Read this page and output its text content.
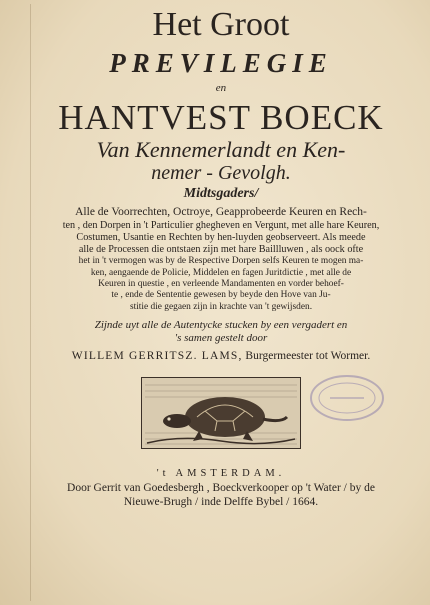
Het Groot
PREVILEGIE
en
HANTVEST BOECK
Van Kennemerlandt en Ken-
nemer - Gevolgh.
Midtsgaders/
Alle de Voorrechten, Octroye, Geapprobeerde Keuren en Rech-
ten , den Dorpen in 't Particulier ghegheven en Vergunt, met alle hare Keuren,
Costumen, Usantie en Rechten by hen-luyden geobserveert. Als meede
alle de Processen die ontstaen zijn met hare Baillluwen , als oock ofte
het in 't vermogen was by de Respective Dorpen selfs Keuren te mogen ma-
ken, aengaende de Policie, Middelen en fagen Juritdictie , met alle de
Keuren in questie , en verleende Mandamenten en vorder behoef-
te , ende de Sententie gewesen by beyde den Hove van Ju-
stitie die gegaen zijn in krachte van 't gewijsden.
Zijnde uyt alle de Autentycke stucken by een vergadert en
's samen gestelt door
WILLEM GERRITSZ. LAMS, Burgermeester tot Wormer.
't AMSTERDAM.
Door Gerrit van Goedesbergh , Boeckverkooper op 't Water / by de
Nieuwe-Brugh / inde Delffe Bybel / 1664.
